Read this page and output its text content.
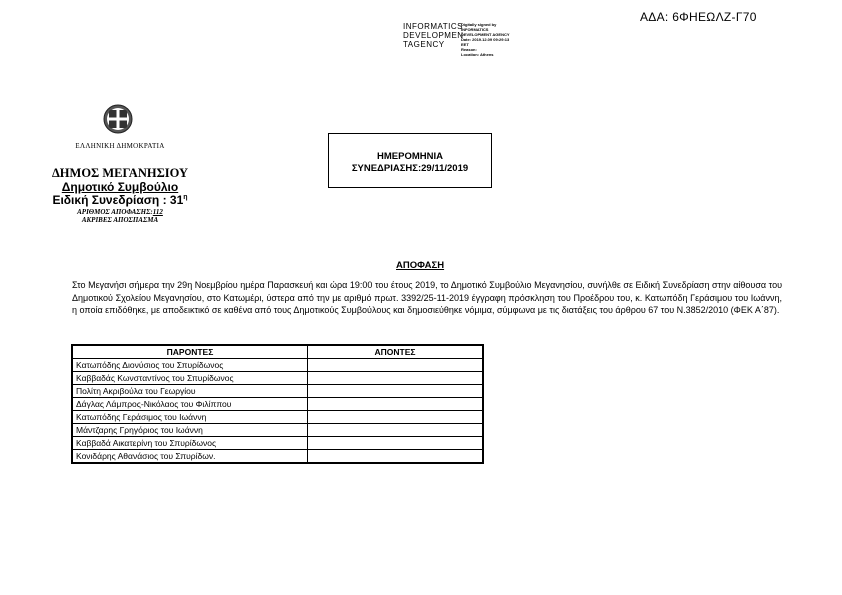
ΑΔΑ: 6ΦΗΕΩΛΖ-Γ70
INFORMATICS
DEVELOPMEN
TAGENCY
Digitally signed by
INFORMATICS
DEVELOPMENT AGENCY
Date: 2019.12.09 09:29:13
EET
Reason:
Location: Athens
ΕΛΛΗΝΙΚΗ ΔΗΜΟΚΡΑΤΙΑ
ΔΗΜΟΣ ΜΕΓΑΝΗΣΙΟΥ
Δημοτικό Συμβούλιο
Ειδική Συνεδρίαση : $31^\eta$
ΑΡΙΘΜΟΣ ΑΠΟΦΑΣΗΣ:112
ΑΚΡΙΒΕΣ ΑΠΟΣΠΑΣΜΑ
ΗΜΕΡΟΜΗΝΙΑ
ΣΥΝΕΔΡΙΑΣΗΣ:29/11/2019
ΑΠΟΦΑΣΗ
Στο Μεγανήσι σήμερα την 29η Νοεμβρίου ημέρα Παρασκευή και ώρα 19:00 του έτους 2019, το Δημοτικό Συμβούλιο Μεγανησίου, συνήλθε σε Ειδική Συνεδρίαση στην αίθουσα του Δημοτικού Σχολείου Μεγανησίου, στο Κατωμέρι, ύστερα από την με αριθμό πρωτ. 3392/25-11-2019 έγγραφη πρόσκληση του Προέδρου του, κ. Κατωπόδη Γεράσιμου του Ιωάννη, η οποία επιδόθηκε, με αποδεικτικό σε καθένα από τους Δημοτικούς Συμβούλους και δημοσιεύθηκε νόμιμα, σύμφωνα με τις διατάξεις του άρθρου 67 του Ν.3852/2010 (ΦΕΚ Α΄87).
ΠΑΡΟΝΤΕΣ	ΑΠΟΝΤΕΣ
Κατωπόδης Διονύσιος του Σπυρίδωνος	
Καββαδάς Κωνσταντίνος του Σπυρίδωνος	
Πολίτη Ακριβούλα του Γεωργίου	
Δάγλας Λάμπρος-Νικόλαος του Φιλίππου	
Κατωπόδης Γεράσιμος του Ιωάννη	
Μάντζαρης Γρηγόριος του Ιωάννη	
Καββαδά Αικατερίνη του Σπυρίδωνος	
Κονιδάρης Αθανάσιος του Σπυρίδων.	
